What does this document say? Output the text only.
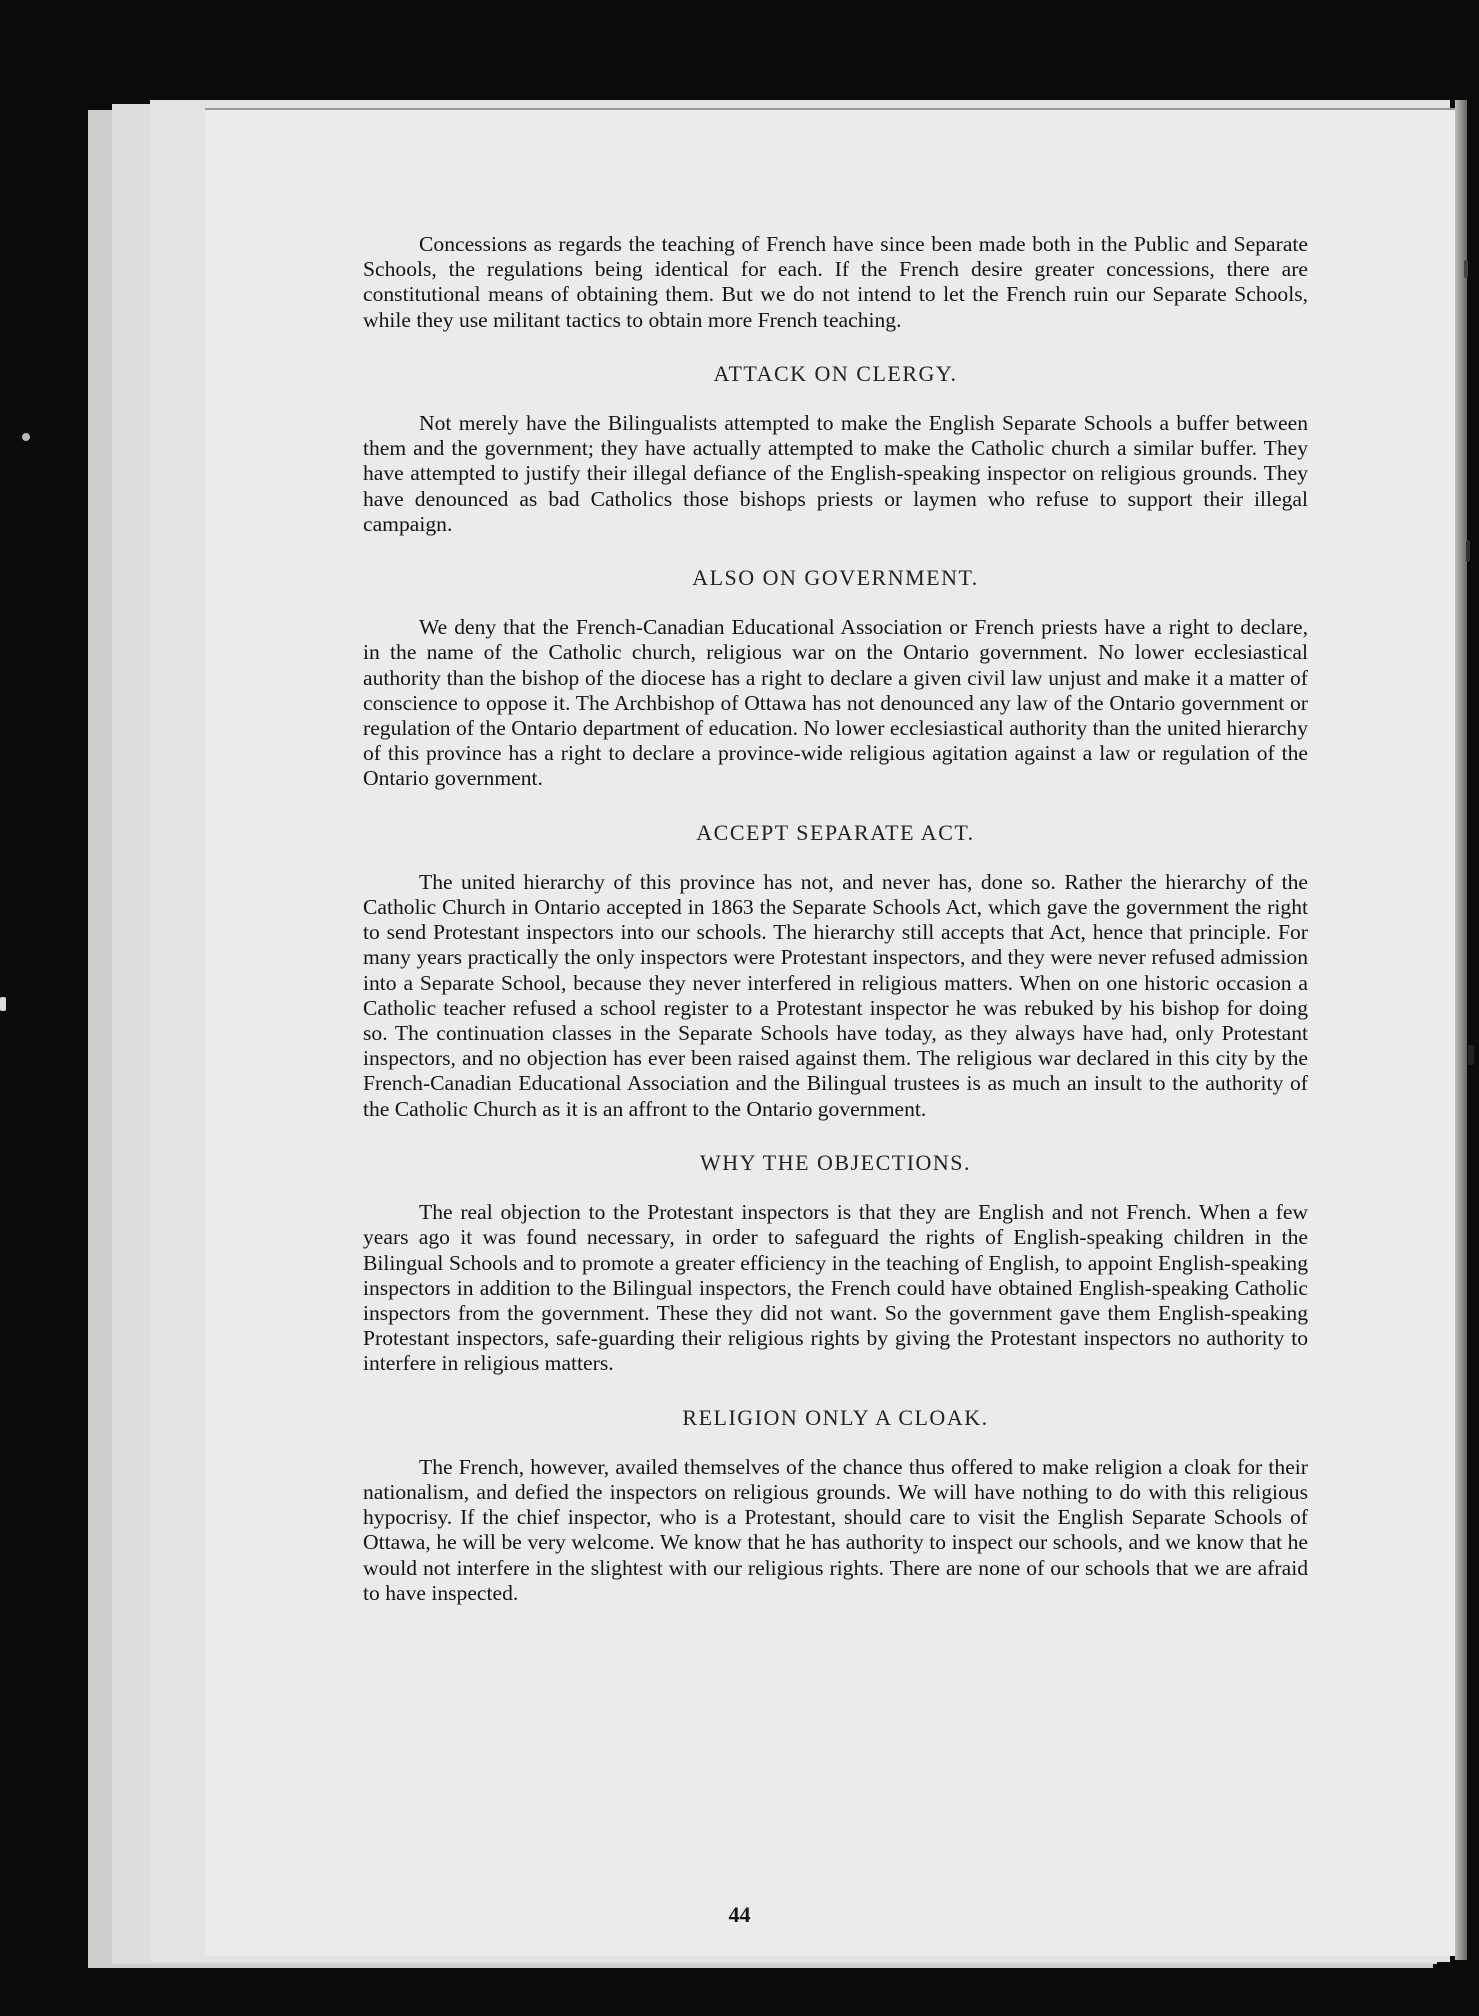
Concessions as regards the teaching of French have since been made both in the Public and Separate Schools, the regulations being identical for each. If the French desire greater concessions, there are constitutional means of obtaining them. But we do not intend to let the French ruin our Separate Schools, while they use militant tactics to obtain more French teaching.

ATTACK ON CLERGY.

Not merely have the Bilingualists attempted to make the English Separate Schools a buffer between them and the government; they have actually attempted to make the Catholic church a similar buffer. They have attempted to justify their illegal defiance of the English-speaking inspector on religious grounds. They have denounced as bad Catholics those bishops priests or laymen who refuse to support their illegal campaign.

ALSO ON GOVERNMENT.

We deny that the French-Canadian Educational Association or French priests have a right to declare, in the name of the Catholic church, religious war on the Ontario government. No lower ecclesiastical authority than the bishop of the diocese has a right to declare a given civil law unjust and make it a matter of conscience to oppose it. The Archbishop of Ottawa has not denounced any law of the Ontario government or regulation of the Ontario department of education. No lower ecclesiastical authority than the united hierarchy of this province has a right to declare a province-wide religious agitation against a law or regulation of the Ontario government.

ACCEPT SEPARATE ACT.

The united hierarchy of this province has not, and never has, done so. Rather the hierarchy of the Catholic Church in Ontario accepted in 1863 the Separate Schools Act, which gave the government the right to send Protestant inspectors into our schools. The hierarchy still accepts that Act, hence that principle. For many years practically the only inspectors were Protestant inspectors, and they were never refused admission into a Separate School, because they never interfered in religious matters. When on one historic occasion a Catholic teacher refused a school register to a Protestant inspector he was rebuked by his bishop for doing so. The continuation classes in the Separate Schools have today, as they always have had, only Protestant inspectors, and no objection has ever been raised against them. The religious war declared in this city by the French-Canadian Educational Association and the Bilingual trustees is as much an insult to the authority of the Catholic Church as it is an affront to the Ontario government.

WHY THE OBJECTIONS.

The real objection to the Protestant inspectors is that they are English and not French. When a few years ago it was found necessary, in order to safeguard the rights of English-speaking children in the Bilingual Schools and to promote a greater efficiency in the teaching of English, to appoint English-speaking inspectors in addition to the Bilingual inspectors, the French could have obtained English-speaking Catholic inspectors from the government. These they did not want. So the government gave them English-speaking Protestant inspectors, safe-guarding their religious rights by giving the Protestant inspectors no authority to interfere in religious matters.

RELIGION ONLY A CLOAK.

The French, however, availed themselves of the chance thus offered to make religion a cloak for their nationalism, and defied the inspectors on religious grounds. We will have nothing to do with this religious hypocrisy. If the chief inspector, who is a Protestant, should care to visit the English Separate Schools of Ottawa, he will be very welcome. We know that he has authority to inspect our schools, and we know that he would not interfere in the slightest with our religious rights. There are none of our schools that we are afraid to have inspected.

44
